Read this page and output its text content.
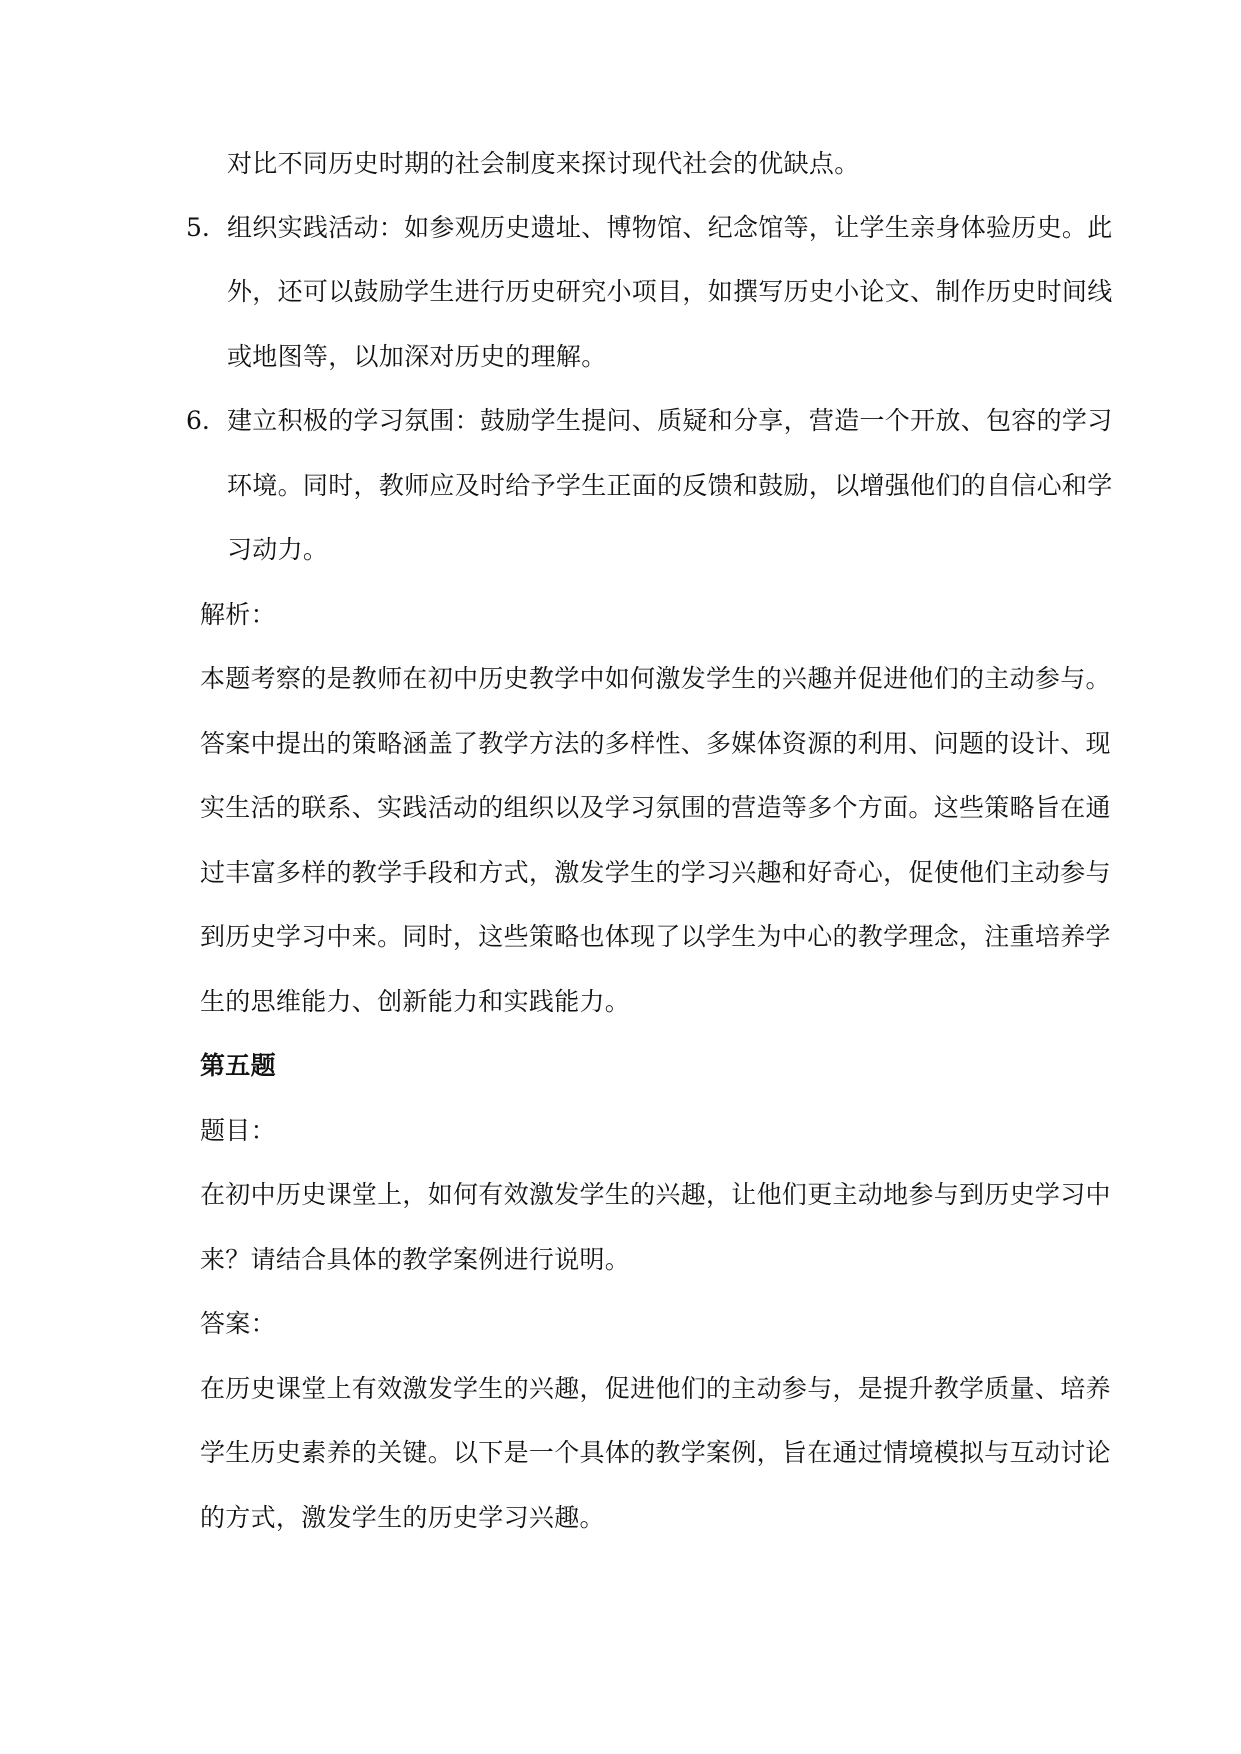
对比不同历史时期的社会制度来探讨现代社会的优缺点。
5. 组织实践活动：如参观历史遗址、博物馆、纪念馆等，让学生亲身体验历史。此
外，还可以鼓励学生进行历史研究小项目，如撰写历史小论文、制作历史时间线
或地图等，以加深对历史的理解。
6. 建立积极的学习氛围：鼓励学生提问、质疑和分享，营造一个开放、包容的学习
环境。同时，教师应及时给予学生正面的反馈和鼓励，以增强他们的自信心和学
习动力。
解析：
本题考察的是教师在初中历史教学中如何激发学生的兴趣并促进他们的主动参与。
答案中提出的策略涵盖了教学方法的多样性、多媒体资源的利用、问题的设计、现
实生活的联系、实践活动的组织以及学习氛围的营造等多个方面。这些策略旨在通
过丰富多样的教学手段和方式，激发学生的学习兴趣和好奇心，促使他们主动参与
到历史学习中来。同时，这些策略也体现了以学生为中心的教学理念，注重培养学
生的思维能力、创新能力和实践能力。
第五题
题目：
在初中历史课堂上，如何有效激发学生的兴趣，让他们更主动地参与到历史学习中
来？请结合具体的教学案例进行说明。
答案：
在历史课堂上有效激发学生的兴趣，促进他们的主动参与，是提升教学质量、培养
学生历史素养的关键。以下是一个具体的教学案例，旨在通过情境模拟与互动讨论
的方式，激发学生的历史学习兴趣。
